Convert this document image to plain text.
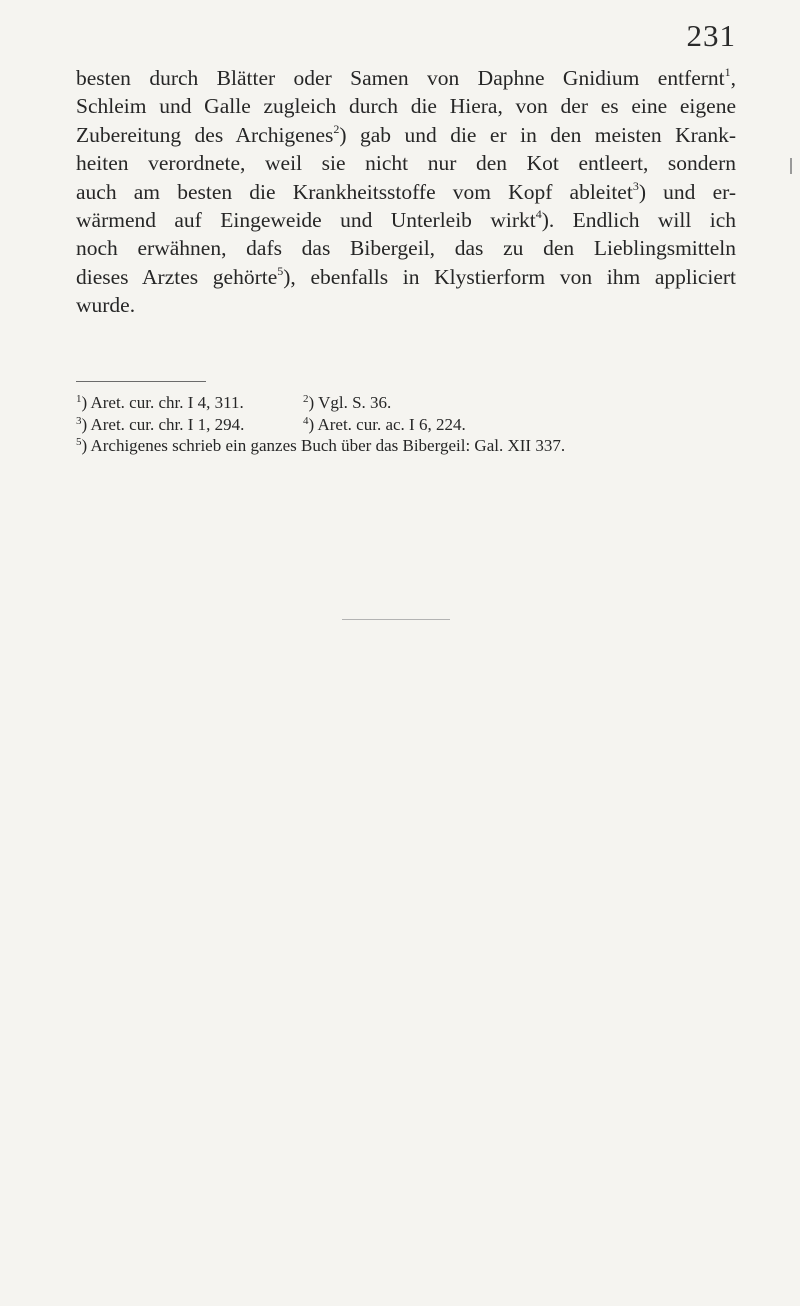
231

besten durch Blätter oder Samen von Daphne Gnidium entfernt$^1$,
Schleim und Galle zugleich durch die Hiera, von der es eine eigene
Zubereitung des Archigenes$^2$) gab und die er in den meisten Krank-
heiten verordnete, weil sie nicht nur den Kot entleert, sondern
auch am besten die Krankheitsstoffe vom Kopf ableitet$^3$) und er-
wärmend auf Eingeweide und Unterleib wirkt$^4$). Endlich will ich
noch erwähnen, dafs das Bibergeil, das zu den Lieblingsmitteln
dieses Arztes gehörte$^5$), ebenfalls in Klystierform von ihm appliciert
wurde.

$^1$) Aret. cur. chr. I 4, 311.	$^2$) Vgl. S. 36.
$^3$) Aret. cur. chr. I 1, 294.	$^4$) Aret. cur. ac. I 6, 224.
$^5$) Archigenes schrieb ein ganzes Buch über das Bibergeil: Gal. XII 337.
